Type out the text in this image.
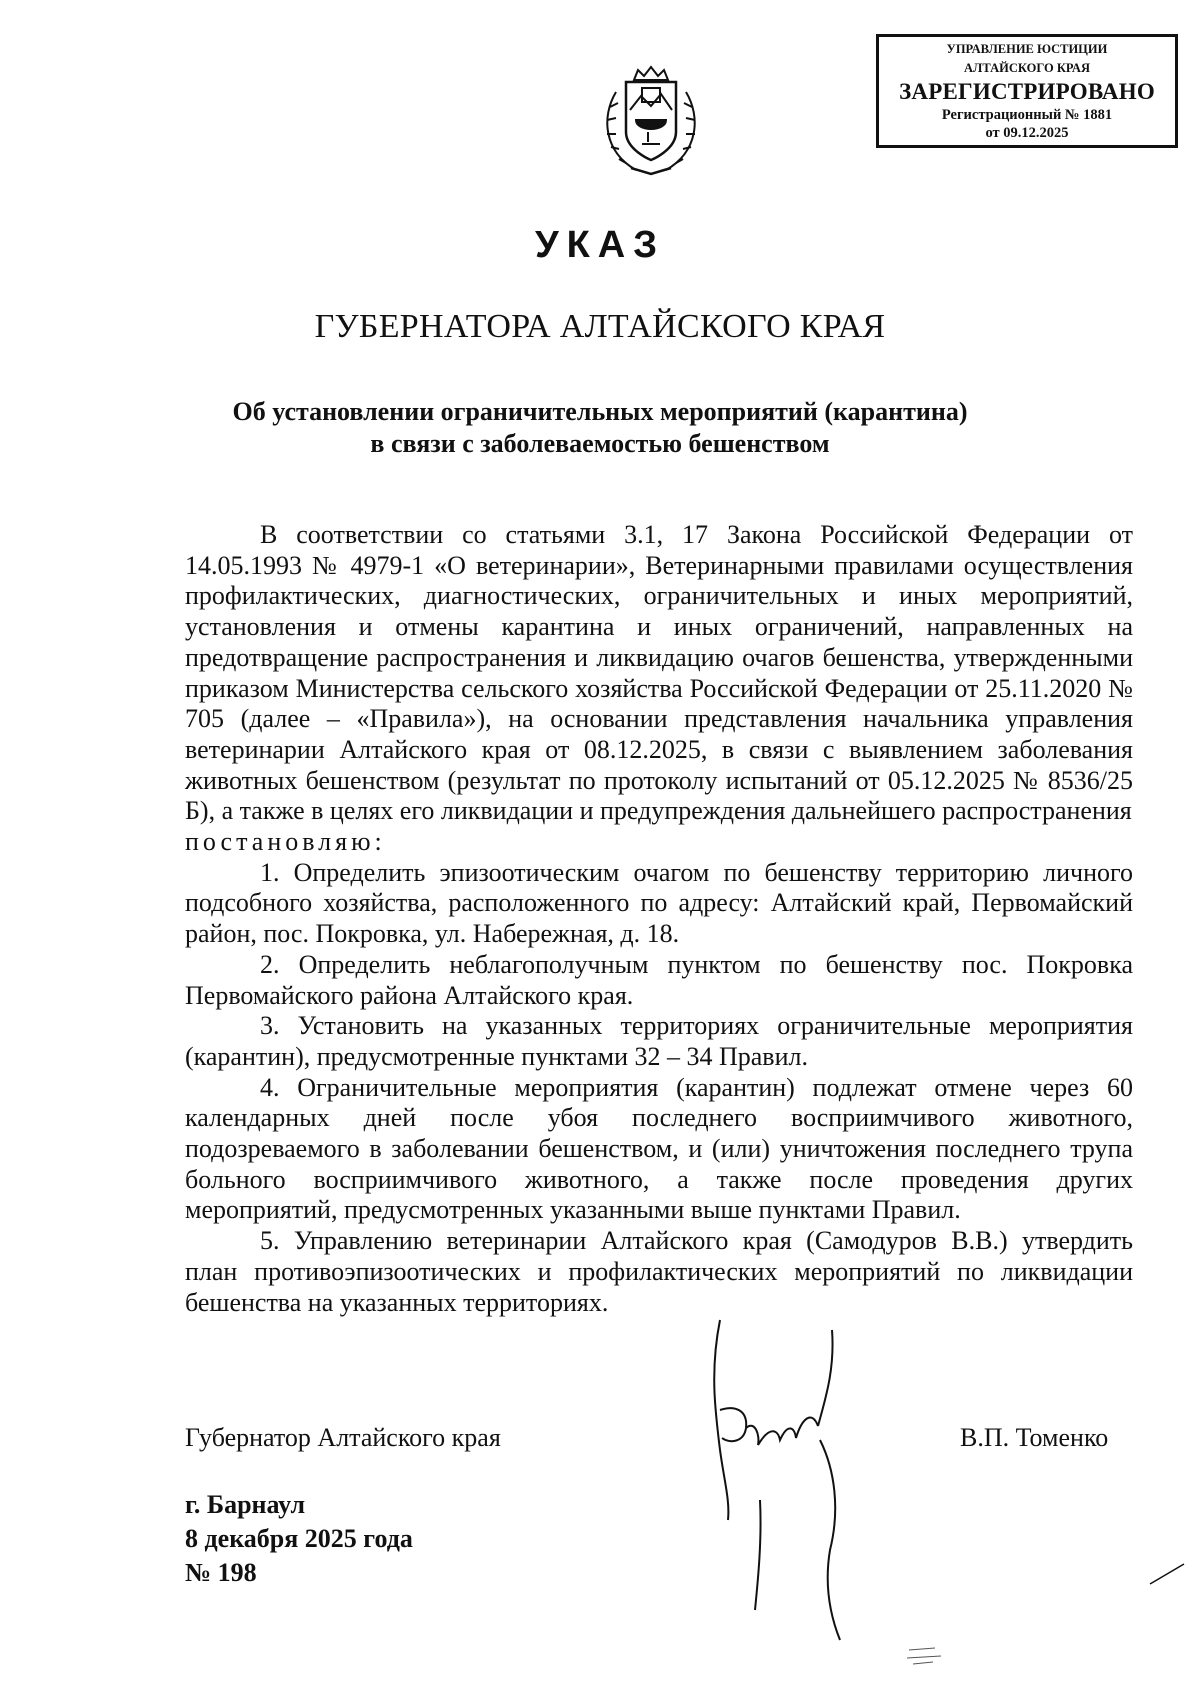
УПРАВЛЕНИЕ ЮСТИЦИИ
АЛТАЙСКОГО КРАЯ
ЗАРЕГИСТРИРОВАНО
Регистрационный № 1881
от 09.12.2025
УКАЗ
ГУБЕРНАТОРА АЛТАЙСКОГО КРАЯ
Об установлении ограничительных мероприятий (карантина)
в связи с заболеваемостью бешенством

В соответствии со статьями 3.1, 17 Закона Российской Федерации от 14.05.1993 № 4979-1 «О ветеринарии», Ветеринарными правилами осуществления профилактических, диагностических, ограничительных и иных мероприятий, установления и отмены карантина и иных ограничений, направленных на предотвращение распространения и ликвидацию очагов бешенства, утвержденными приказом Министерства сельского хозяйства Российской Федерации от 25.11.2020 № 705 (далее – «Правила»), на основании представления начальника управления ветеринарии Алтайского края от 08.12.2025, в связи с выявлением заболевания животных бешенством (результат по протоколу испытаний от 05.12.2025 № 8536/25 Б), а также в целях его ликвидации и предупреждения дальнейшего распространения

постановляю:

1. Определить эпизоотическим очагом по бешенству территорию личного подсобного хозяйства, расположенного по адресу: Алтайский край, Первомайский район, пос. Покровка, ул. Набережная, д. 18.

2. Определить неблагополучным пунктом по бешенству пос. Покровка Первомайского района Алтайского края.

3. Установить на указанных территориях ограничительные мероприятия (карантин), предусмотренные пунктами 32 – 34 Правил.

4. Ограничительные мероприятия (карантин) подлежат отмене через 60 календарных дней после убоя последнего восприимчивого животного, подозреваемого в заболевании бешенством, и (или) уничтожения последнего трупа больного восприимчивого животного, а также после проведения других мероприятий, предусмотренных указанными выше пунктами Правил.

5. Управлению ветеринарии Алтайского края (Самодуров В.В.) утвердить план противоэпизоотических и профилактических мероприятий по ликвидации бешенства на указанных территориях.

Губернатор Алтайского края	В.П. Томенко
г. Барнаул
8 декабря 2025 года
№ 198
